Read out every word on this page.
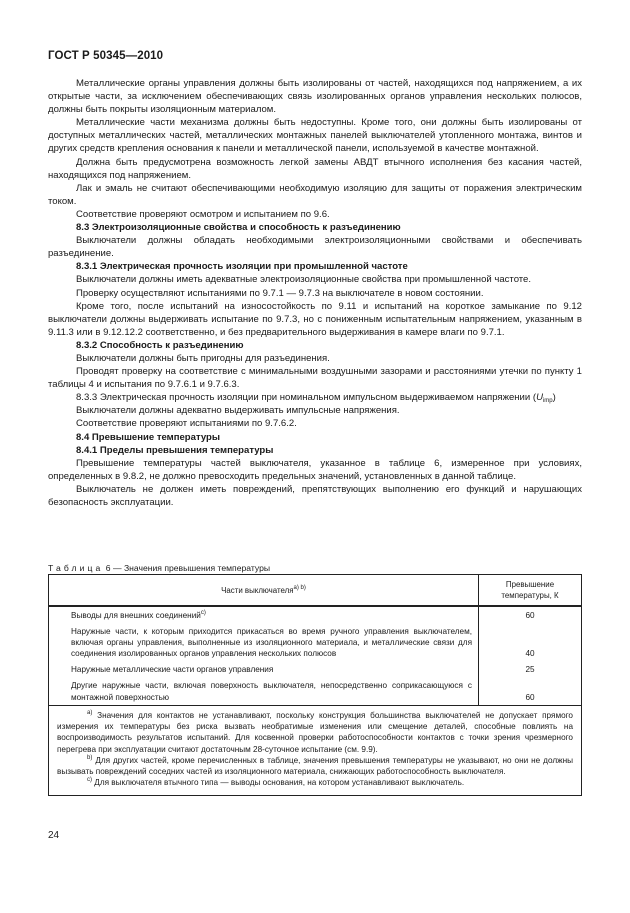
ГОСТ Р 50345—2010

Металлические органы управления должны быть изолированы от частей, находящихся под напряжением, а их открытые части, за исключением обеспечивающих связь изолированных органов управления нескольких полюсов, должны быть покрыты изоляционным материалом.

Металлические части механизма должны быть недоступны. Кроме того, они должны быть изолированы от доступных металлических частей, металлических монтажных панелей выключателей утопленного монтажа, винтов и других средств крепления основания к панели и металлической панели, используемой в качестве монтажной.

Должна быть предусмотрена возможность легкой замены АВДТ втычного исполнения без касания частей, находящихся под напряжением.

Лак и эмаль не считают обеспечивающими необходимую изоляцию для защиты от поражения электрическим током.

Соответствие проверяют осмотром и испытанием по 9.6.

8.3 Электроизоляционные свойства и способность к разъединению

Выключатели должны обладать необходимыми электроизоляционными свойствами и обеспечивать разъединение.

8.3.1 Электрическая прочность изоляции при промышленной частоте

Выключатели должны иметь адекватные электроизоляционные свойства при промышленной частоте.

Проверку осуществляют испытаниями по 9.7.1 — 9.7.3 на выключателе в новом состоянии.

Кроме того, после испытаний на износостойкость по 9.11 и испытаний на короткое замыкание по 9.12 выключатели должны выдерживать испытание по 9.7.3, но с пониженным испытательным напряжением, указанным в 9.11.3 или в 9.12.12.2 соответственно, и без предварительного выдерживания в камере влаги по 9.7.1.

8.3.2 Способность к разъединению

Выключатели должны быть пригодны для разъединения.

Проводят проверку на соответствие с минимальными воздушными зазорами и расстояниями утечки по пункту 1 таблицы 4 и испытания по 9.7.6.1 и 9.7.6.3.

8.3.3 Электрическая прочность изоляции при номинальном импульсном выдерживаемом напряжении $(U_{imp})$

Выключатели должны адекватно выдерживать импульсные напряжения.

Соответствие проверяют испытаниями по 9.7.6.2.

8.4 Превышение температуры

8.4.1 Пределы превышения температуры

Превышение температуры частей выключателя, указанное в таблице 6, измеренное при условиях, определенных в 9.8.2, не должно превосходить предельных значений, установленных в данной таблице.

Выключатель не должен иметь повреждений, препятствующих выполнению его функций и нарушающих безопасность эксплуатации.

Таблица 6 — Значения превышения температуры
Части выключателя$^{а) b)}$	Превышение температуры, К
Выводы для внешних соединений$^{c)}$	60
Наружные части, к которым приходится прикасаться во время ручного управления выключателем, включая органы управления, выполненные из изоляционного материала, и металлические связи для соединения изолированных органов управления нескольких полюсов	40
Наружные металлические части органов управления	25
Другие наружные части, включая поверхность выключателя, непосредственно соприкасающуюся с монтажной поверхностью	60

$^{а)}$ Значения для контактов не устанавливают, поскольку конструкция большинства выключателей не допускает прямого измерения их температуры без риска вызвать необратимые изменения или смещение деталей, способные повлиять на воспроизводимость результатов испытаний. Для косвенной проверки работоспособности контактов с точки зрения чрезмерного перегрева при эксплуатации считают достаточным 28-суточное испытание (см. 9.9).

$^{b)}$ Для других частей, кроме перечисленных в таблице, значения превышения температуры не указывают, но они не должны вызывать повреждений соседних частей из изоляционного материала, снижающих работоспособность выключателя.

$^{c)}$ Для выключателя втычного типа — выводы основания, на котором устанавливают выключатель.	

24
